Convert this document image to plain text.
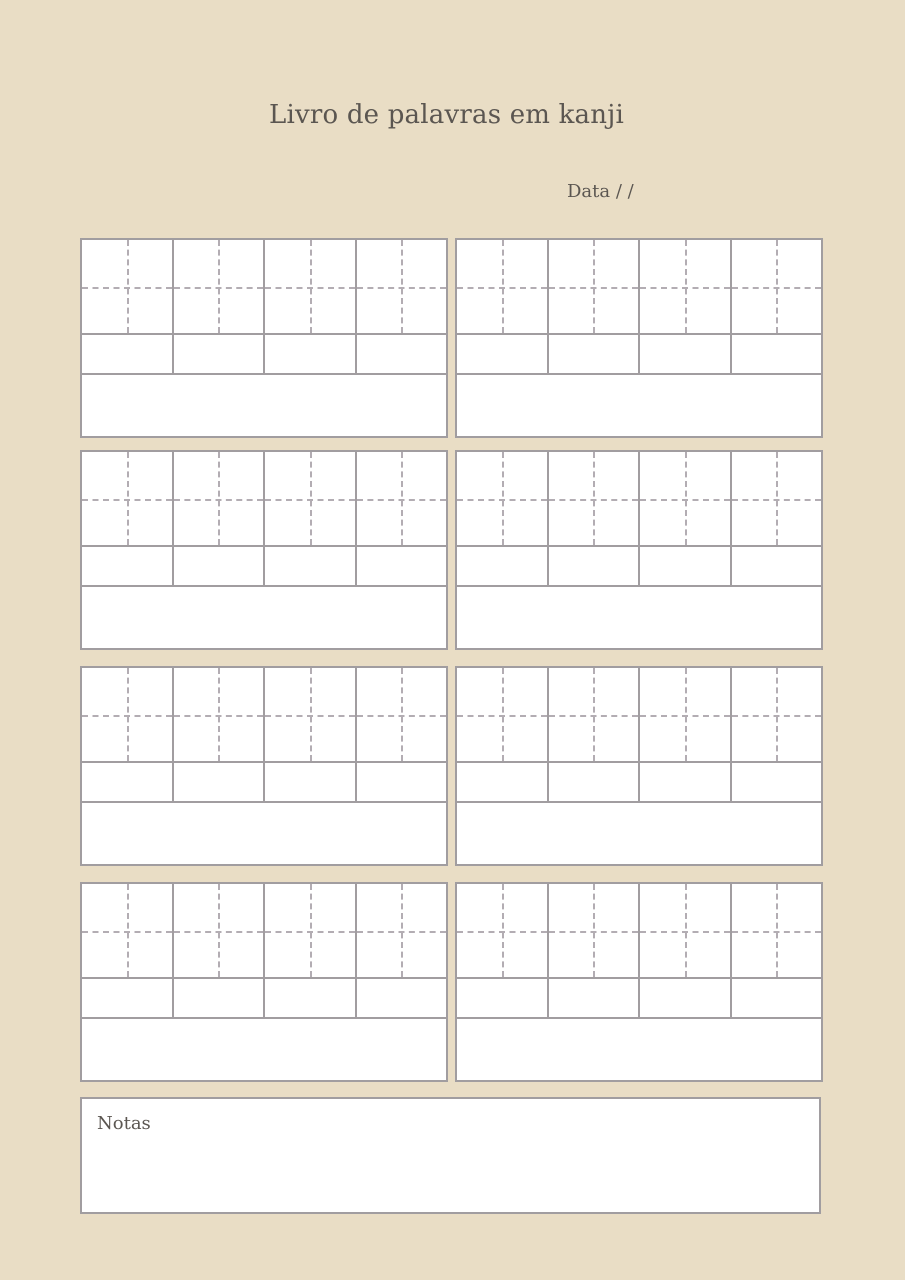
Livro de palavras em kanji
Data / /
Notas
